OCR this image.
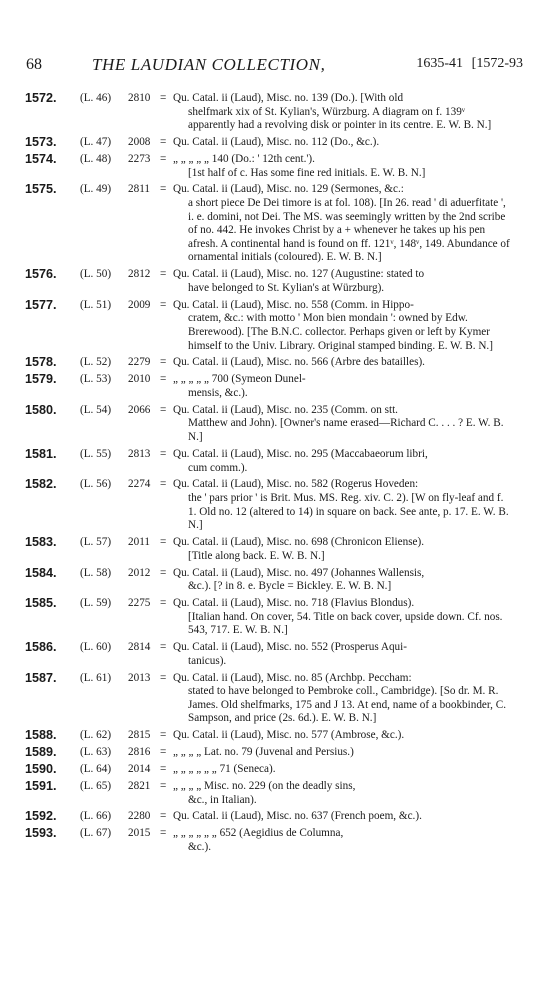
68	THE LAUDIAN COLLECTION,	1635-41 [1572-93
1572. (L. 46) 2810 = Qu. Catal. ii (Laud), Misc. no. 139 (Do.). [With old
shelfmark xix of St. Kylian's, Würzburg. A diagram on f. 139ᵛ apparently had a revolving disk or pointer in its centre. E. W. B. N.]
1573. (L. 47) 2008 = Qu. Catal. ii (Laud), Misc. no. 112 (Do., &c.).
1574. (L. 48) 2273 = „ „ „ „ „ 140 (Do.: ' 12th cent.').
[1st half of c. Has some fine red initials. E. W. B. N.]
1575. (L. 49) 2811 = Qu. Catal. ii (Laud), Misc. no. 129 (Sermones, &c.:
a short piece De Dei timore is at fol. 108). [In 26. read ' di aduerfitate ', i. e. domini, not Dei. The MS. was seemingly written by the 2nd scribe of no. 442. He invokes Christ by a + whenever he takes up his pen afresh. A continental hand is found on ff. 121ᵛ, 148ᵛ, 149. Abundance of ornamental initials (coloured). E. W. B. N.]
1576. (L. 50) 2812 = Qu. Catal. ii (Laud), Misc. no. 127 (Augustine: stated to
have belonged to St. Kylian's at Würzburg).
1577. (L. 51) 2009 = Qu. Catal. ii (Laud), Misc. no. 558 (Comm. in Hippo-
cratem, &c.: with motto ' Mon bien mondain ': owned by Edw. Brerewood). [The B.N.C. collector. Perhaps given or left by Kymer himself to the Univ. Library. Original stamped binding. E. W. B. N.]
1578. (L. 52) 2279 = Qu. Catal. ii (Laud), Misc. no. 566 (Arbre des batailles).
1579. (L. 53) 2010 = „ „ „ „ „ 700 (Symeon Dunel-
mensis, &c.).
1580. (L. 54) 2066 = Qu. Catal. ii (Laud), Misc. no. 235 (Comm. on stt.
Matthew and John). [Owner's name erased—Richard C. . . . ? E. W. B. N.]
1581. (L. 55) 2813 = Qu. Catal. ii (Laud), Misc. no. 295 (Maccabaeorum libri,
cum comm.).
1582. (L. 56) 2274 = Qu. Catal. ii (Laud), Misc. no. 582 (Rogerus Hoveden:
the ' pars prior ' is Brit. Mus. MS. Reg. xiv. C. 2). [W on fly-leaf and f. 1. Old no. 12 (altered to 14) in square on back. See ante, p. 17. E. W. B. N.]
1583. (L. 57) 2011 = Qu. Catal. ii (Laud), Misc. no. 698 (Chronicon Eliense).
[Title along back. E. W. B. N.]
1584. (L. 58) 2012 = Qu. Catal. ii (Laud), Misc. no. 497 (Johannes Wallensis,
&c.). [? in 8. e. Bycle = Bickley. E. W. B. N.]
1585. (L. 59) 2275 = Qu. Catal. ii (Laud), Misc. no. 718 (Flavius Blondus).
[Italian hand. On cover, 54. Title on back cover, upside down. Cf. nos. 543, 717. E. W. B. N.]
1586. (L. 60) 2814 = Qu. Catal. ii (Laud), Misc. no. 552 (Prosperus Aqui-
tanicus).
1587. (L. 61) 2013 = Qu. Catal. ii (Laud), Misc. no. 85 (Archbp. Peccham:
stated to have belonged to Pembroke coll., Cambridge). [So dr. M. R. James. Old shelfmarks, 175 and J 13. At end, name of a bookbinder, C. Sampson, and price (2s. 6d.). E. W. B. N.]
1588. (L. 62) 2815 = Qu. Catal. ii (Laud), Misc. no. 577 (Ambrose, &c.).
1589. (L. 63) 2816 = „ „ „ „ Lat. no. 79 (Juvenal and Persius.)
1590. (L. 64) 2014 = „ „ „ „ „ „ 71 (Seneca).
1591. (L. 65) 2821 = „ „ „ „ Misc. no. 229 (on the deadly sins,
&c., in Italian).
1592. (L. 66) 2280 = Qu. Catal. ii (Laud), Misc. no. 637 (French poem, &c.).
1593. (L. 67) 2015 = „ „ „ „ „ „ 652 (Aegidius de Columna,
&c.).
